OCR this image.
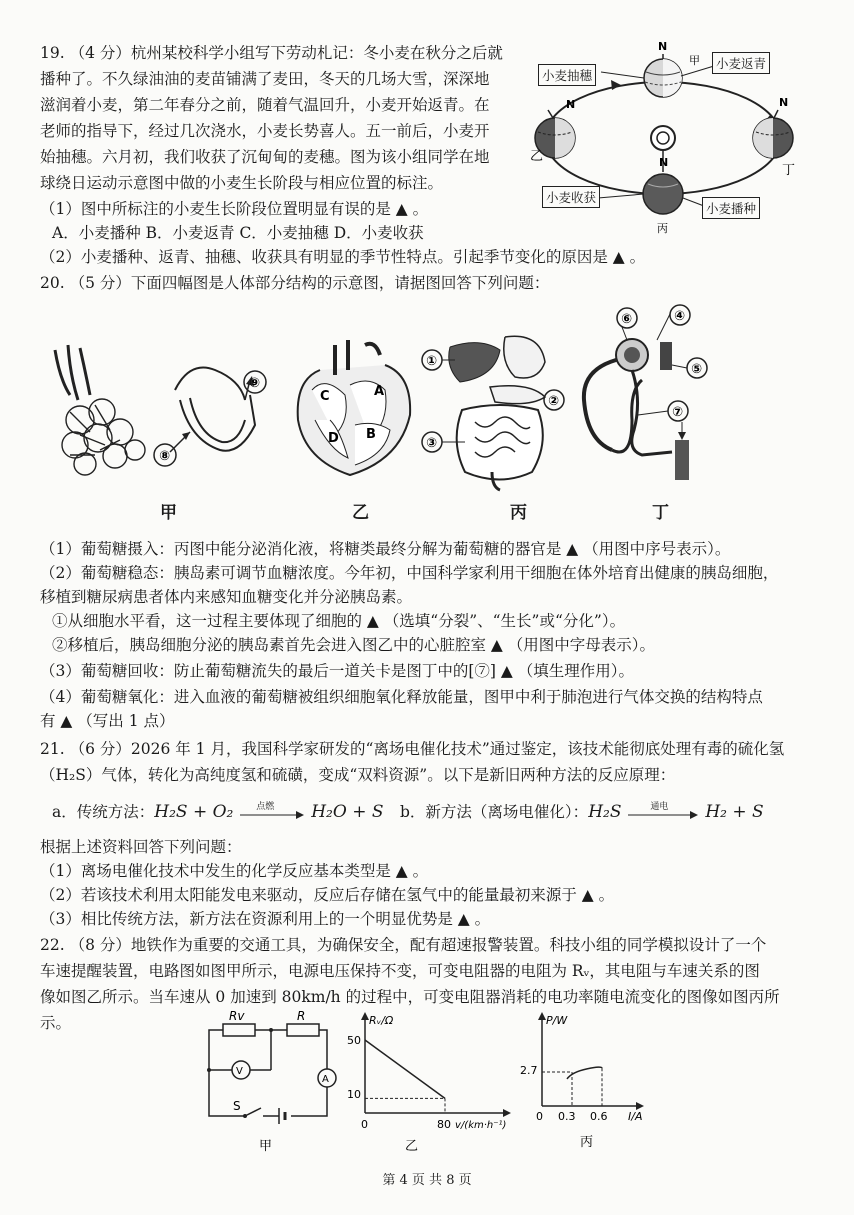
19. （4 分）杭州某校科学小组写下劳动札记：冬小麦在秋分之后就
播种了。不久绿油油的麦苗铺满了麦田，冬天的几场大雪，深深地
滋润着小麦，第二年春分之前，随着气温回升，小麦开始返青。在
老师的指导下，经过几次浇水，小麦长势喜人。五一前后，小麦开
始抽穗。六月初，我们收获了沉甸甸的麦穗。图为该小组同学在地
球绕日运动示意图中做的小麦生长阶段与相应位置的标注。
（1）图中所标注的小麦生长阶段位置明显有误的是 ▲ 。
A．小麦播种 B．小麦返青 C．小麦抽穗 D．小麦收获
（2）小麦播种、返青、抽穗、收获具有明显的季节性特点。引起季节变化的原因是 ▲ 。
N
N	N
N
甲
乙
丙
丁
小麦抽穗
小麦返青
小麦收获
小麦播种
20. （5 分）下面四幅图是人体部分结构的示意图，请据图回答下列问题：
⑨
⑧
甲
A
B
C
D
乙
①
②
③
丙
⑥	④
⑤
⑦
丁
（1）葡萄糖摄入：丙图中能分泌消化液，将糖类最终分解为葡萄糖的器官是 ▲ （用图中序号表示）。
（2）葡萄糖稳态：胰岛素可调节血糖浓度。今年初，中国科学家利用干细胞在体外培育出健康的胰岛细胞，
移植到糖尿病患者体内来感知血糖变化并分泌胰岛素。
①从细胞水平看，这一过程主要体现了细胞的 ▲ （选填“分裂”、“生长”或“分化”）。
②移植后，胰岛细胞分泌的胰岛素首先会进入图乙中的心脏腔室 ▲ （用图中字母表示）。
（3）葡萄糖回收：防止葡萄糖流失的最后一道关卡是图丁中的[⑦] ▲ （填生理作用）。
（4）葡萄糖氧化：进入血液的葡萄糖被组织细胞氧化释放能量，图甲中利于肺泡进行气体交换的结构特点
有 ▲ （写出 1 点）
21. （6 分）2026 年 1 月，我国科学家研发的“离场电催化技术”通过鉴定，该技术能彻底处理有毒的硫化氢
（H₂S）气体，转化为高纯度氢和硫磺，变成“双料资源”。以下是新旧两种方法的反应原理：
a．传统方法：H₂S + O₂	点燃 H₂O + S b．新方法（离场电催化）：H₂S	通电 H₂ + S
根据上述资料回答下列问题：
（1）离场电催化技术中发生的化学反应基本类型是 ▲ 。
（2）若该技术利用太阳能发电来驱动，反应后存储在氢气中的能量最初来源于 ▲ 。
（3）相比传统方法，新方法在资源利用上的一个明显优势是 ▲ 。
22. （8 分）地铁作为重要的交通工具，为确保安全，配有超速报警装置。科技小组的同学模拟设计了一个
车速提醒装置，电路图如图甲所示，电源电压保持不变，可变电阻器的电阻为 Rᵥ，其电阻与车速关系的图
像如图乙所示。当车速从 0 加速到 80km/h 的过程中，可变电阻器消耗的电功率随电流变化的图像如图丙所
示。	Rv	R
V
A
S
甲
Rᵥ/Ω
50
10
0	80 v/(km·h⁻¹)
乙
P/W
2.7
0 0.3 0.6 I/A
丙
第 4 页 共 8 页
